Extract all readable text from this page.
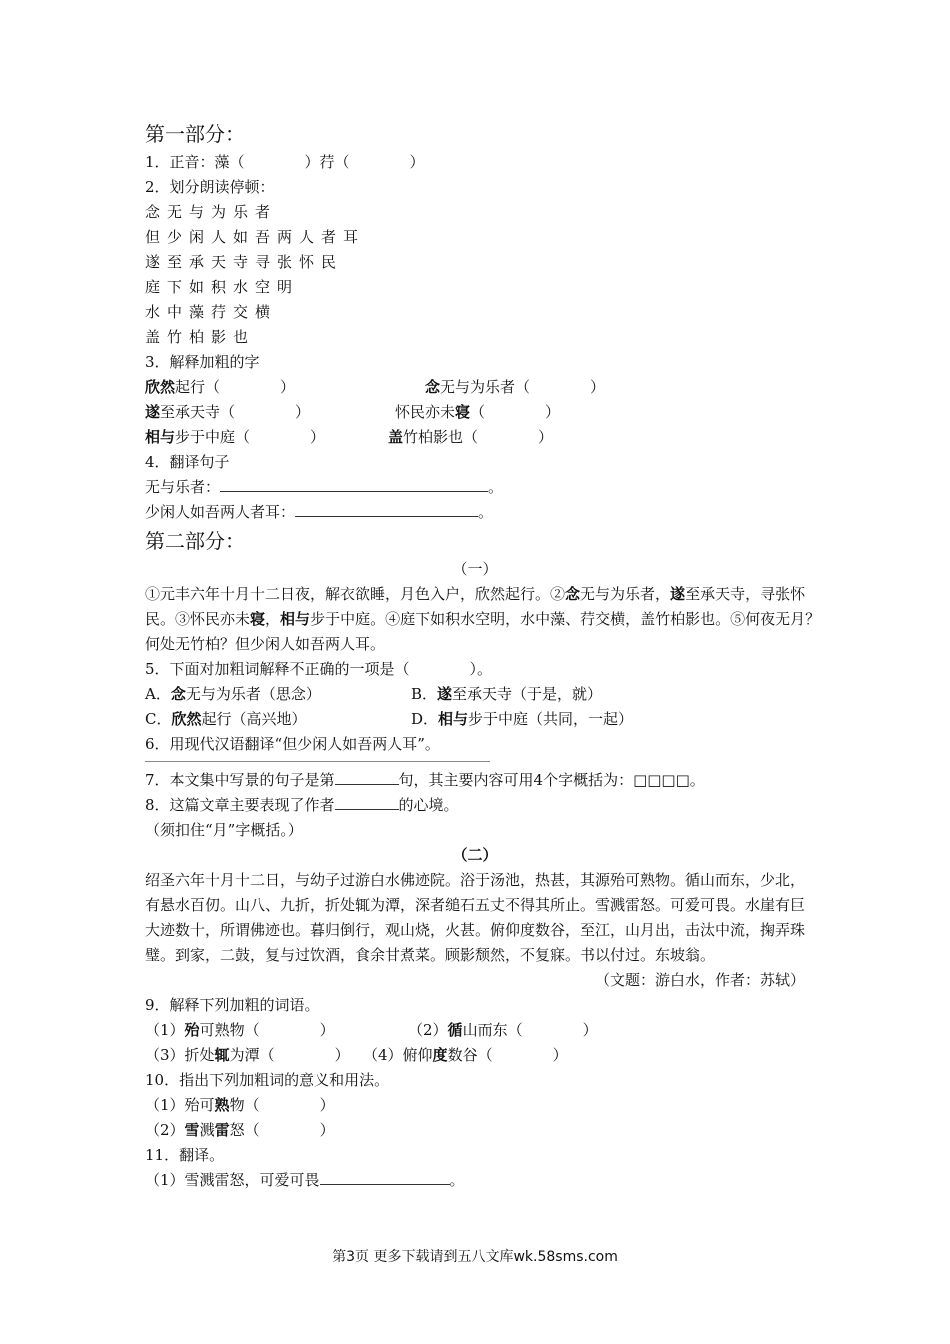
第一部分：
1．正音：藻（　　　　）荇（　　　　）
2．划分朗读停顿：
念无与为乐者
但少闲人如吾两人者耳
遂至承天寺寻张怀民
庭下如积水空明
水中藻荇交横
盖竹柏影也
3．解释加粗的字
欣然起行（　　　　）	念无与为乐者（　　　　）
遂至承天寺（　　　　）	怀民亦未寝（　　　　）
相与步于中庭（　　　　）	盖竹柏影也（　　　　）
4．翻译句子
无与乐者：	。
少闲人如吾两人者耳：	。
第二部分：
（一）
①元丰六年十月十二日夜，解衣欲睡，月色入户，欣然起行。②念无与为乐者，遂至承天寺，寻张怀民。③怀民亦未寝，相与步于中庭。④庭下如积水空明，水中藻、荇交横，盖竹柏影也。⑤何夜无月？何处无竹柏？但少闲人如吾两人耳。
5．下面对加粗词解释不正确的一项是（　　　　）。
A．念无与为乐者（思念）	B．遂至承天寺（于是，就）
C．欣然起行（高兴地）	D．相与步于中庭（共同，一起）
6．用现代汉语翻译“但少闲人如吾两人耳”。
7．本文集中写景的句子是第	句，其主要内容可用4个字概括为：□□□□。
8．这篇文章主要表现了作者	的心境。
（须扣住“月”字概括。）
（二）
绍圣六年十月十二日，与幼子过游白水佛迹院。浴于汤池，热甚，其源殆可熟物。循山而东，少北，有悬水百仞。山八、九折，折处辄为潭，深者缒石五丈不得其所止。雪溅雷怒。可爱可畏。水崖有巨大迹数十，所谓佛迹也。暮归倒行，观山烧，火甚。俯仰度数谷，至江，山月出，击汰中流，掬弄珠璧。到家，二鼓，复与过饮酒，食余甘煮菜。顾影颓然，不复寐。书以付过。东坡翁。
（文题：游白水，作者：苏轼）
9．解释下列加粗的词语。
（1）殆可熟物（　　　　）	（2）循山而东（　　　　）
（3）折处辄为潭（　　　　） （4）俯仰度数谷（　　　　）
10．指出下列加粗词的意义和用法。
（1）殆可熟物（　　　　）
（2）雪溅雷怒（　　　　）
11．翻译。
（1）雪溅雷怒，可爱可畏	。
第3页 更多下载请到五八文库wk.58sms.com
